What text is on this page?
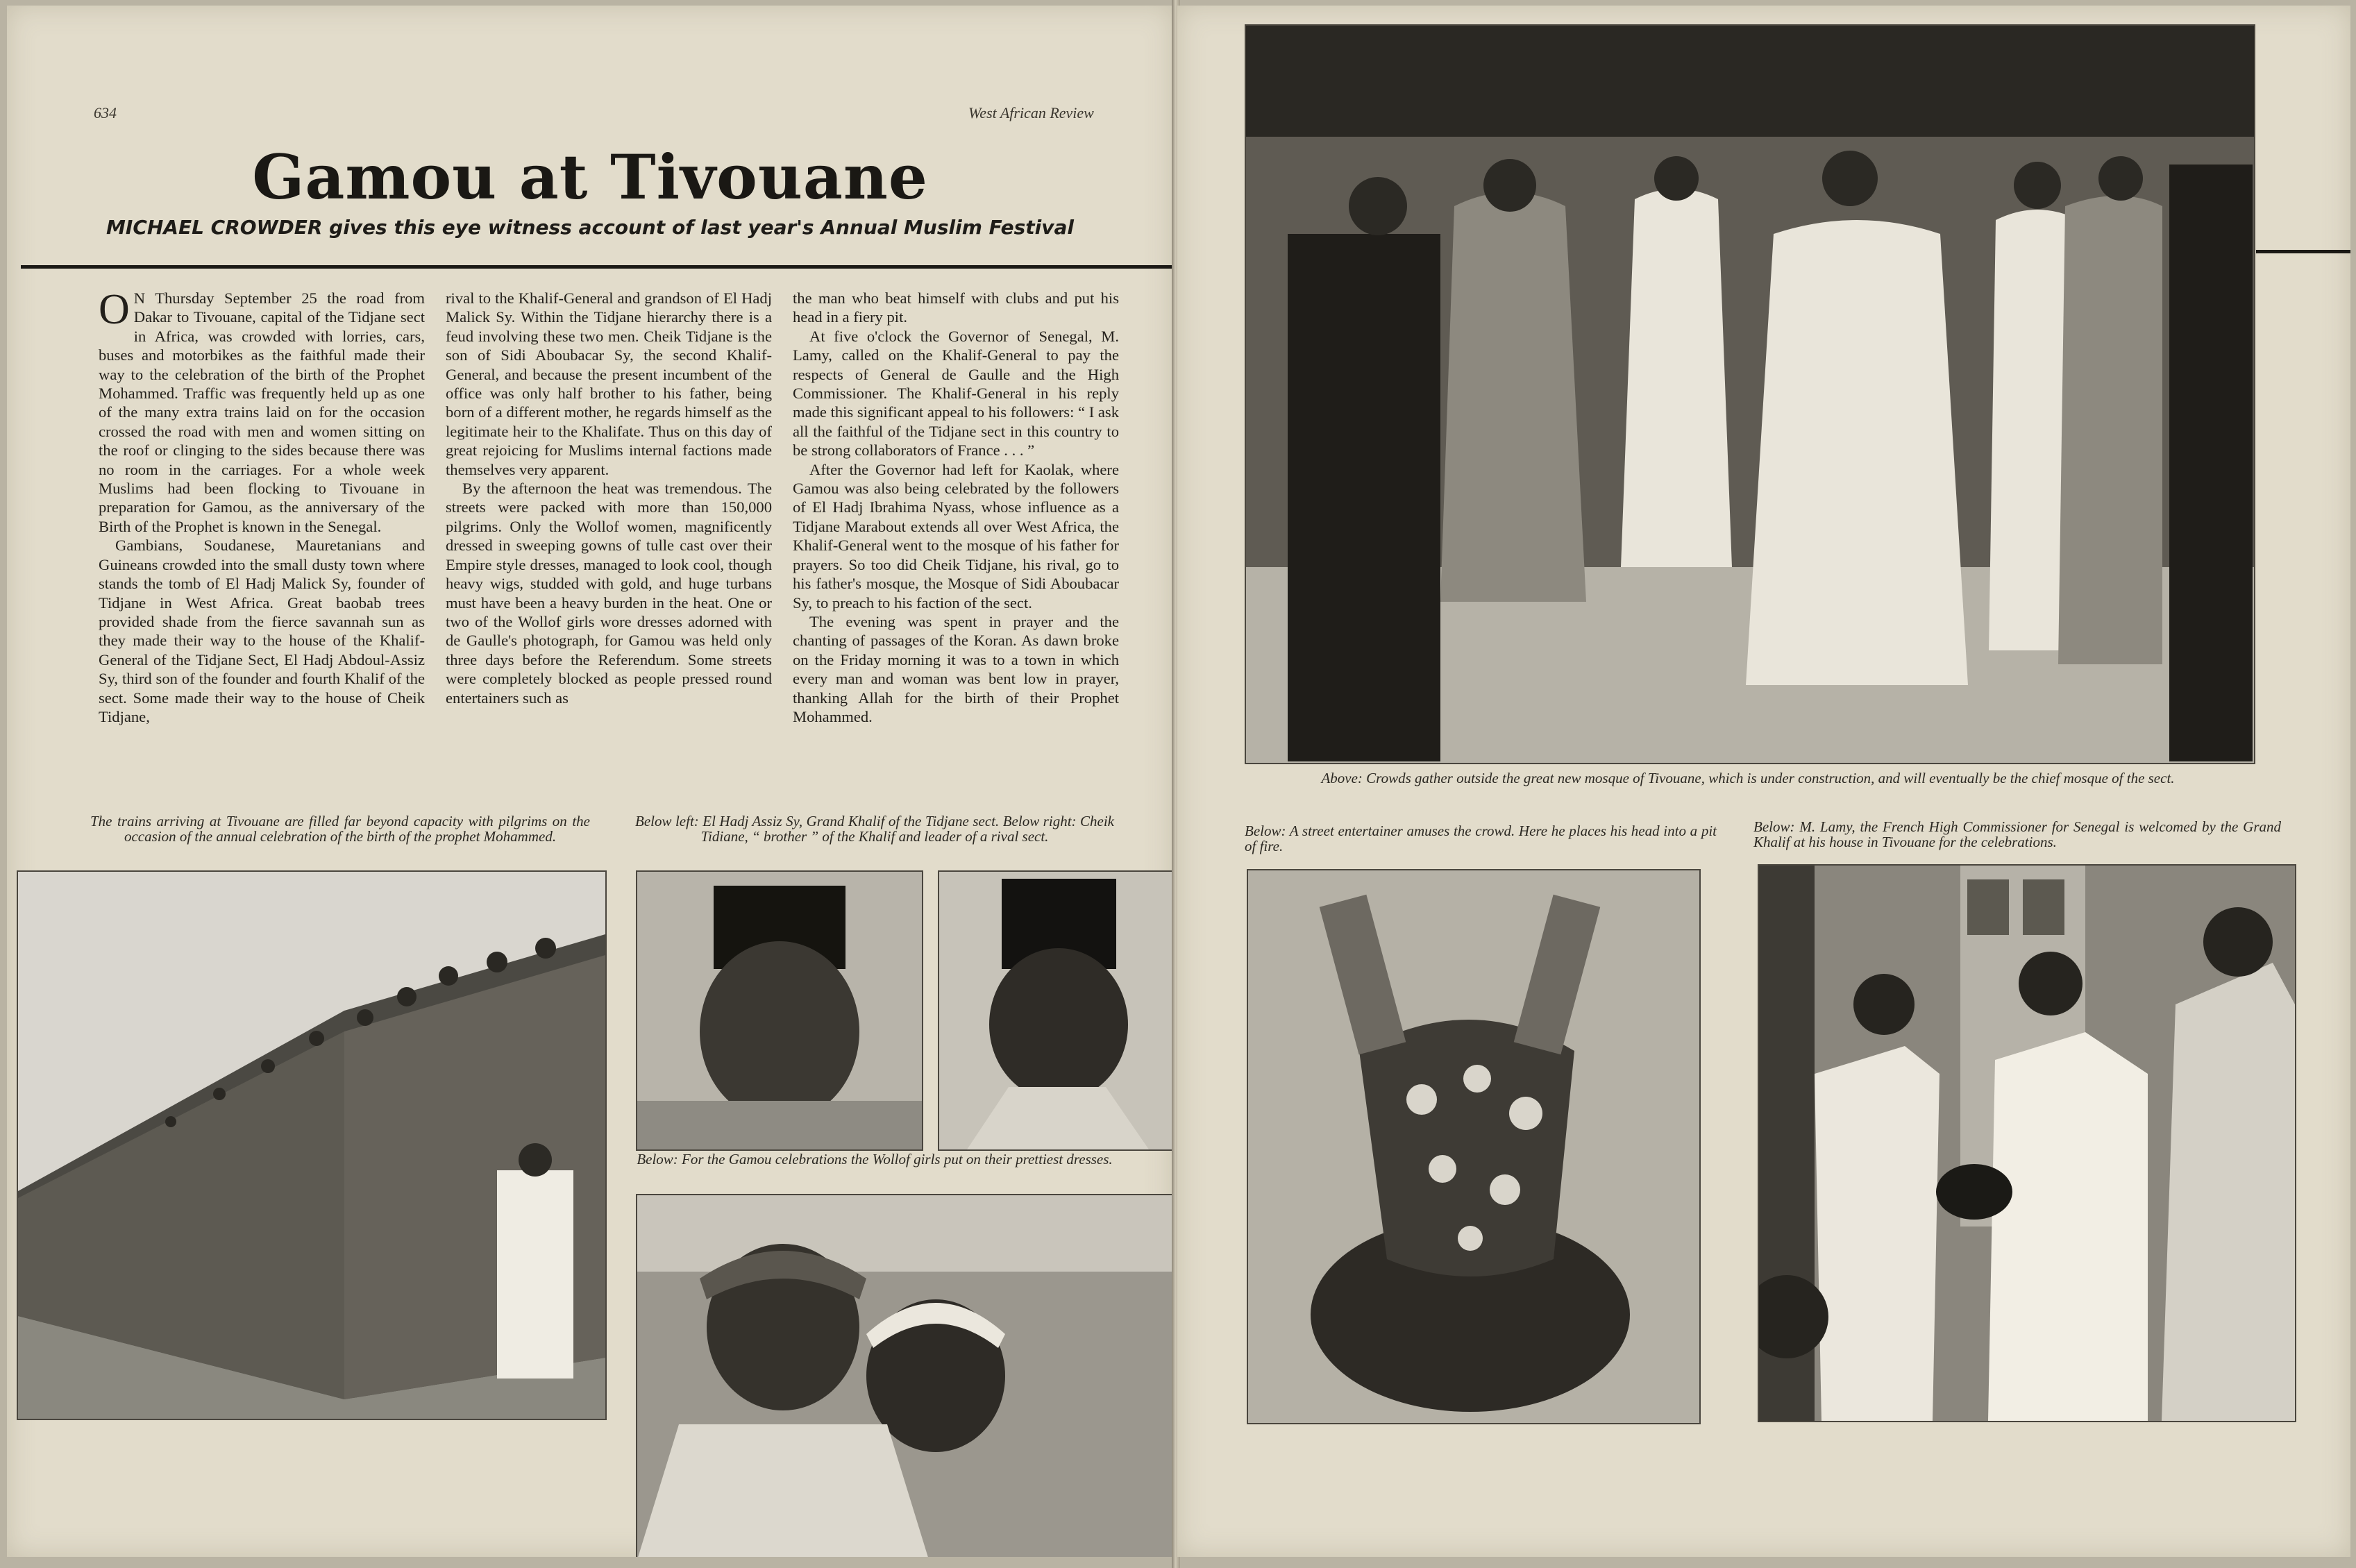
634	West African Review
Gamou at Tivouane
MICHAEL CROWDER gives this eye witness account of last year's Annual Muslim Festival

O N Thursday September 25 the road from Dakar to Tivouane, capital of the Tidjane sect in Africa, was crowded with lorries, cars, buses and motorbikes as the faithful made their way to the celebration of the birth of the Prophet Mohammed. Traffic was frequently held up as one of the many extra trains laid on for the occasion crossed the road with men and women sitting on the roof or clinging to the sides because there was no room in the carriages. For a whole week Muslims had been flocking to Tivouane in preparation for Gamou, as the anniversary of the Birth of the Prophet is known in the Senegal.

Gambians, Soudanese, Mauretanians and Guineans crowded into the small dusty town where stands the tomb of El Hadj Malick Sy, founder of Tidjane in West Africa. Great baobab trees provided shade from the fierce savannah sun as they made their way to the house of the Khalif-General of the Tidjane Sect, El Hadj Abdoul-Assiz Sy, third son of the founder and fourth Khalif of the sect. Some made their way to the house of Cheik Tidjane,

rival to the Khalif-General and grandson of El Hadj Malick Sy. Within the Tidjane hierarchy there is a feud involving these two men. Cheik Tidjane is the son of Sidi Aboubacar Sy, the second Khalif-General, and because the present incumbent of the office was only half brother to his father, being born of a different mother, he regards himself as the legitimate heir to the Khalifate. Thus on this day of great rejoicing for Muslims internal factions made themselves very apparent.

By the afternoon the heat was tremendous. The streets were packed with more than 150,000 pilgrims. Only the Wollof women, magnificently dressed in sweeping gowns of tulle cast over their Empire style dresses, managed to look cool, though heavy wigs, studded with gold, and huge turbans must have been a heavy burden in the heat. One or two of the Wollof girls wore dresses adorned with de Gaulle's photograph, for Gamou was held only three days before the Referendum. Some streets were completely blocked as people pressed round entertainers such as

the man who beat himself with clubs and put his head in a fiery pit.

At five o'clock the Governor of Senegal, M. Lamy, called on the Khalif-General to pay the respects of General de Gaulle and the High Commissioner. The Khalif-General in his reply made this significant appeal to his followers: “ I ask all the faithful of the Tidjane sect in this country to be strong collaborators of France . . . ”

After the Governor had left for Kaolak, where Gamou was also being celebrated by the followers of El Hadj Ibrahima Nyass, whose influence as a Tidjane Marabout extends all over West Africa, the Khalif-General went to the mosque of his father for prayers. So too did Cheik Tidjane, his rival, go to his father's mosque, the Mosque of Sidi Aboubacar Sy, to preach to his faction of the sect.

The evening was spent in prayer and the chanting of passages of the Koran. As dawn broke on the Friday morning it was to a town in which every man and woman was bent low in prayer, thanking Allah for the birth of their Prophet Mohammed.

The trains arriving at Tivouane are filled far beyond capacity with pilgrims on the occasion of the annual celebration of the birth of the prophet Mohammed.
Below left: El Hadj Assiz Sy, Grand Khalif of the Tidjane sect. Below right: Cheik Tidiane, “ brother ” of the Khalif and leader of a rival sect.
Below: For the Gamou celebrations the Wollof girls put on their prettiest dresses.
Above: Crowds gather outside the great new mosque of Tivouane, which is under construction, and will eventually be the chief mosque of the sect.
Below: A street entertainer amuses the crowd. Here he places his head into a pit of fire.
Below: M. Lamy, the French High Commissioner for Senegal is welcomed by the Grand Khalif at his house in Tivouane for the celebrations.
